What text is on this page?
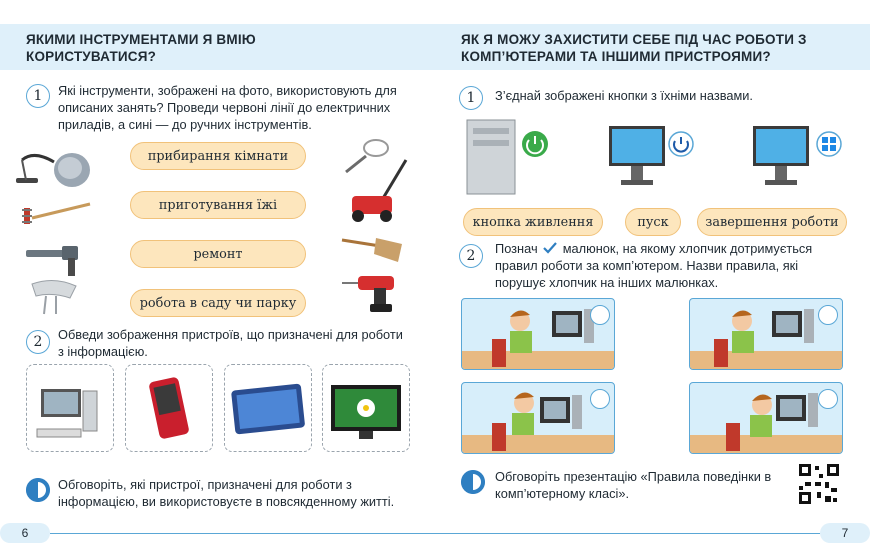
ЯКИМИ ІНСТРУМЕНТАМИ Я ВМІЮ КОРИСТУВАТИСЯ?
1	Які інструменти, зображені на фото, використовують для описаних занять? Проведи червоні лінії до електричних приладів, а сині — до ручних інструментів.
прибирання кімнати
приготування їжі
ремонт
робота в саду чи парку
2	Обведи зображення пристроїв, що призначені для роботи з інформацією.
Обговоріть, які пристрої, призначені для роботи з інформацією, ви використовуєте в повсякденному житті.
6
ЯК Я МОЖУ ЗАХИСТИТИ СЕБЕ ПІД ЧАС РОБОТИ З КОМП’ЮТЕРАМИ ТА ІНШИМИ ПРИСТРОЯМИ?
1	З’єднай зображені кнопки з їхніми назвами.
кнопка живлення	пуск	завершення роботи
2 Познач малюнок, на якому хлопчик дотримується правил роботи за комп’ютером. Назви правила, які порушує хлопчик на інших малюнках.
Обговоріть презентацію «Правила поведінки в комп’ютерному класі».
7
